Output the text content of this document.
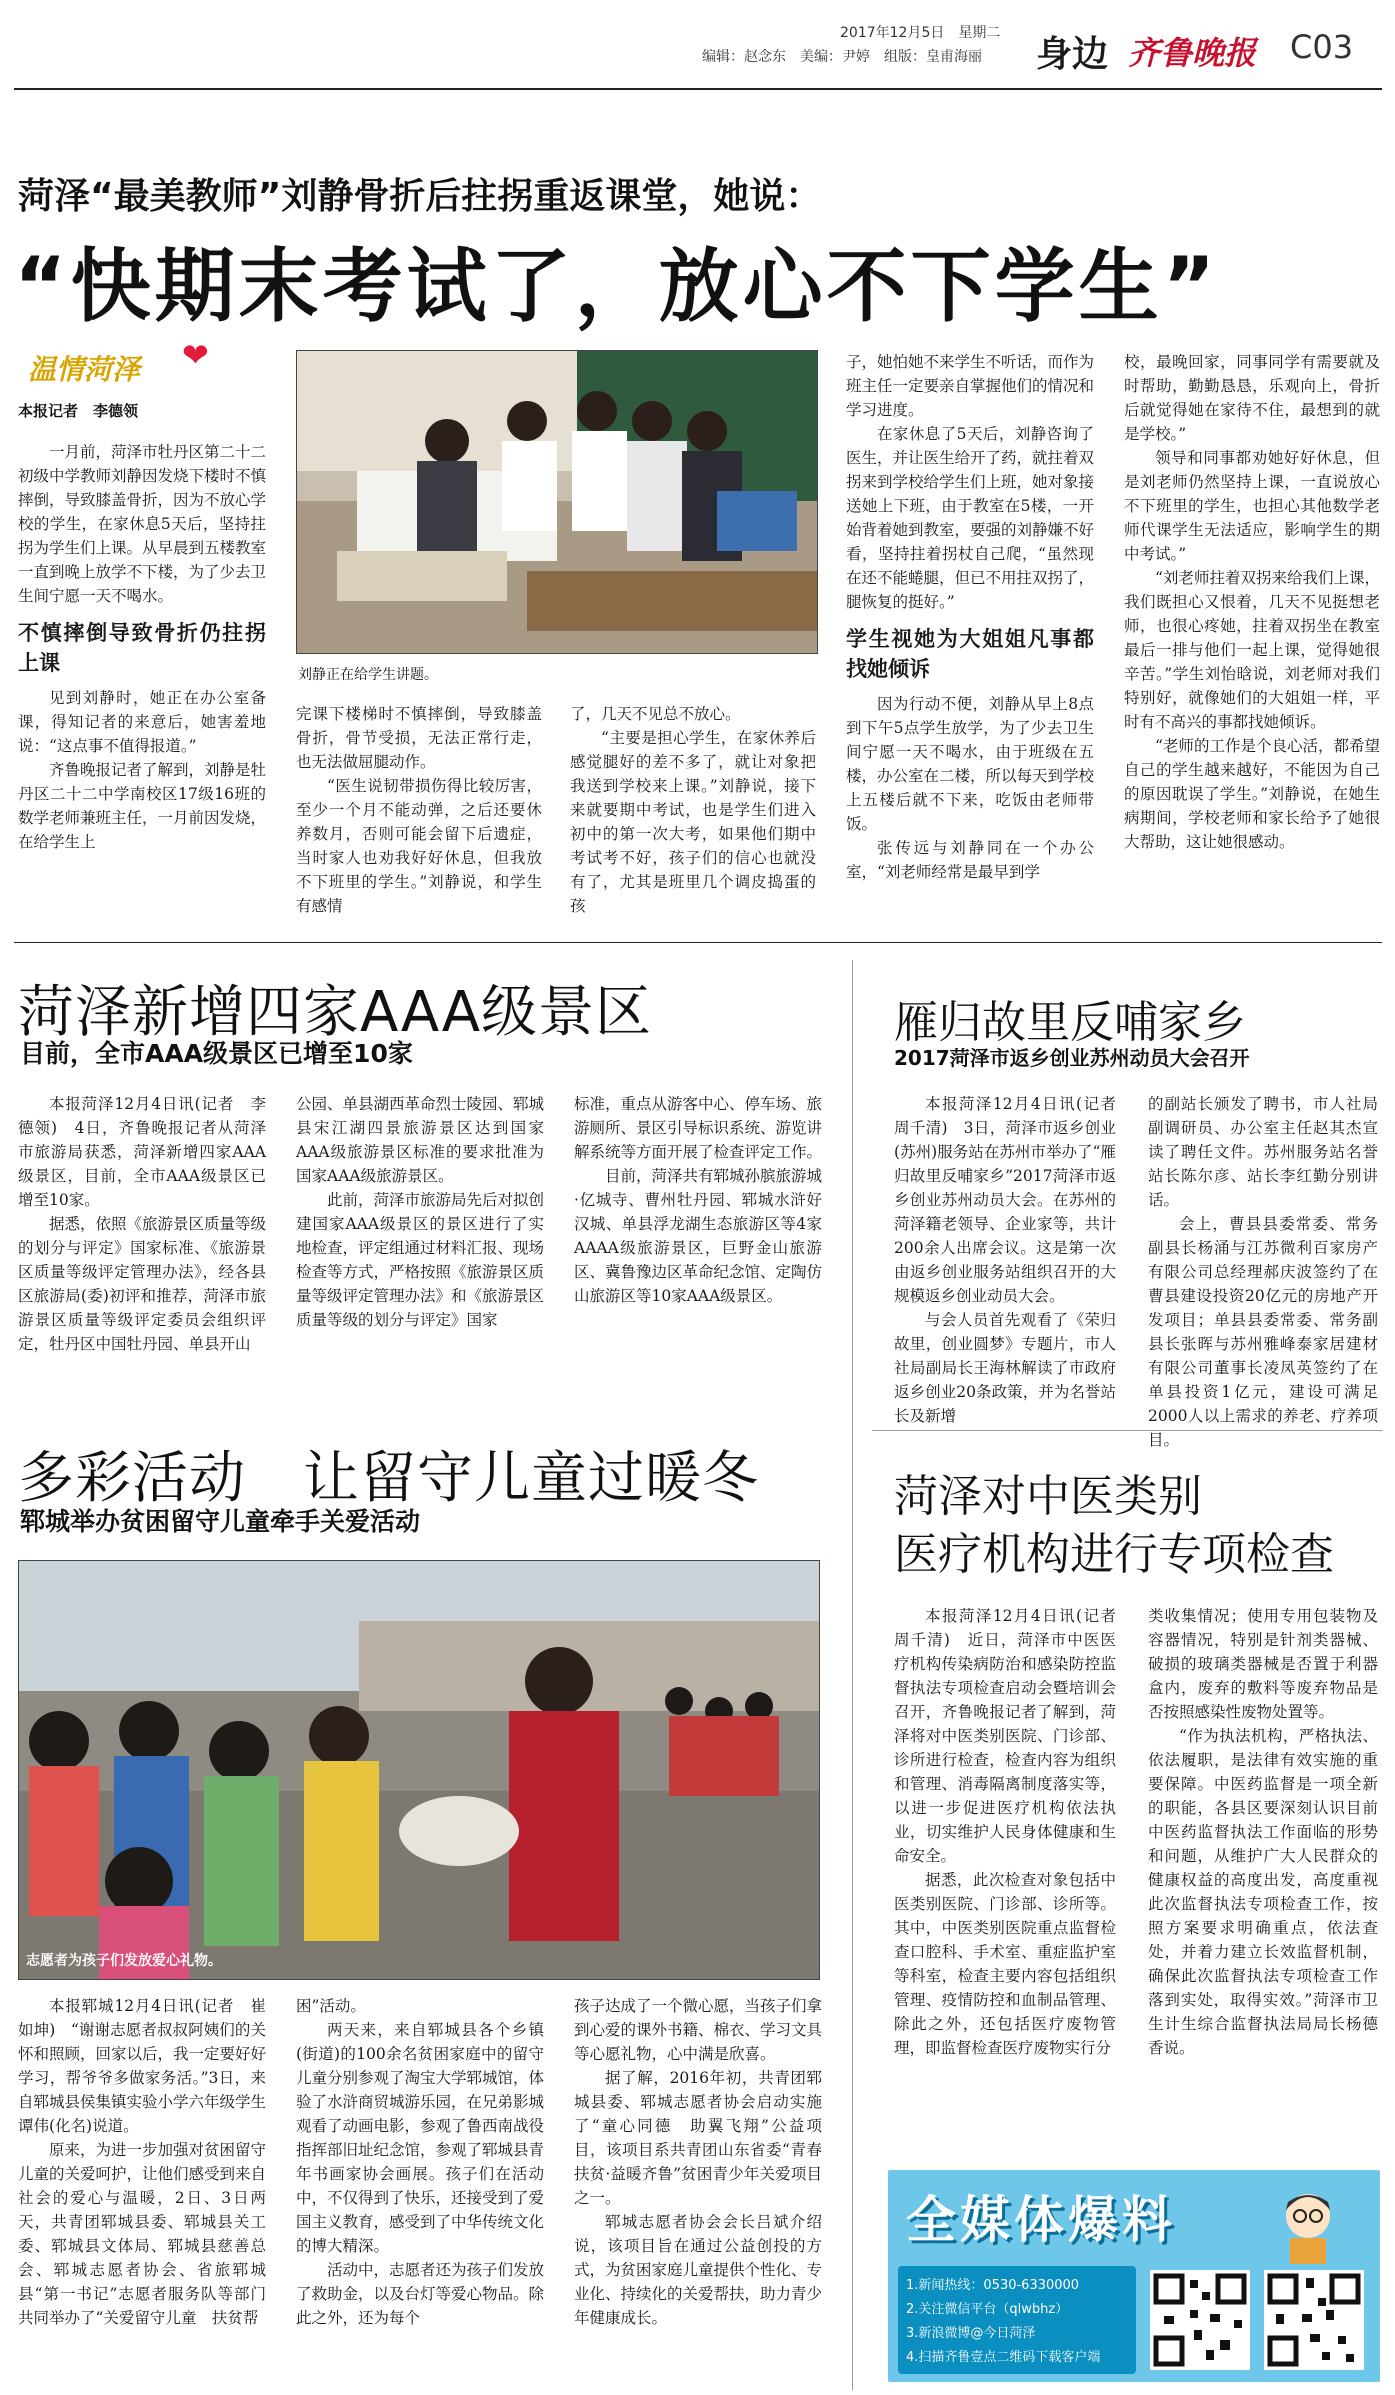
2017年12月5日　 星期二
编辑：赵念东　美编：尹婷　组版：皇甫海丽 身边 齐鲁晚报 C03
菏泽“最美教师”刘静骨折后拄拐重返课堂，她说：
“快期末考试了，放心不下学生”
温情菏泽 ❤
本报记者　李德领

一月前，菏泽市牡丹区第二十二初级中学教师刘静因发烧下楼时不慎摔倒，导致膝盖骨折，因为不放心学校的学生，在家休息5天后，坚持拄拐为学生们上课。从早晨到五楼教室一直到晚上放学不下楼，为了少去卫生间宁愿一天不喝水。

不慎摔倒导致骨折仍拄拐上课

见到刘静时，她正在办公室备课，得知记者的来意后，她害羞地说：“这点事不值得报道。”

齐鲁晚报记者了解到，刘静是牡丹区二十二中学南校区17级16班的数学老师兼班主任，一月前因发烧，在给学生上

刘静正在给学生讲题。

完课下楼梯时不慎摔倒，导致膝盖骨折，骨节受损，无法正常行走，也无法做屈腿动作。

“医生说韧带损伤得比较厉害，至少一个月不能动弹，之后还要休养数月，否则可能会留下后遗症，当时家人也劝我好好休息，但我放不下班里的学生。”刘静说，和学生有感情

了，几天不见总不放心。

“主要是担心学生，在家休养后感觉腿好的差不多了，就让对象把我送到学校来上课。”刘静说，接下来就要期中考试，也是学生们进入初中的第一次大考，如果他们期中考试考不好，孩子们的信心也就没有了，尤其是班里几个调皮捣蛋的孩

子，她怕她不来学生不听话，而作为班主任一定要亲自掌握他们的情况和学习进度。

在家休息了5天后，刘静咨询了医生，并让医生给开了药，就拄着双拐来到学校给学生们上班，她对象接送她上下班，由于教室在5楼，一开始背着她到教室，要强的刘静嫌不好看，坚持拄着拐杖自己爬，“虽然现在还不能蜷腿，但已不用拄双拐了，腿恢复的挺好。”

学生视她为大姐姐凡事都找她倾诉

因为行动不便，刘静从早上8点到下午5点学生放学，为了少去卫生间宁愿一天不喝水，由于班级在五楼，办公室在二楼，所以每天到学校上五楼后就不下来，吃饭由老师带饭。

张传远与刘静同在一个办公室，“刘老师经常是最早到学

校，最晚回家，同事同学有需要就及时帮助，勤勤恳恳，乐观向上，骨折后就觉得她在家待不住，最想到的就是学校。”

领导和同事都劝她好好休息，但是刘老师仍然坚持上课，一直说放心不下班里的学生，也担心其他数学老师代课学生无法适应，影响学生的期中考试。”

“刘老师拄着双拐来给我们上课，我们既担心又恨着，几天不见挺想老师，也很心疼她，拄着双拐坐在教室最后一排与他们一起上课，觉得她很辛苦。”学生刘怡晗说，刘老师对我们特别好，就像她们的大姐姐一样，平时有不高兴的事都找她倾诉。

“老师的工作是个良心活，都希望自己的学生越来越好，不能因为自己的原因耽误了学生。”刘静说，在她生病期间，学校老师和家长给予了她很大帮助，这让她很感动。

菏泽新增四家AAA级景区
目前，全市AAA级景区已增至10家

本报菏泽12月4日讯(记者　李德领)　4日，齐鲁晚报记者从菏泽市旅游局获悉，菏泽新增四家AAA级景区，目前，全市AAA级景区已增至10家。

据悉，依照《旅游景区质量等级的划分与评定》国家标准、《旅游景区质量等级评定管理办法》，经各县区旅游局(委)初评和推荐，菏泽市旅游景区质量等级评定委员会组织评定，牡丹区中国牡丹园、单县开山

公园、单县湖西革命烈士陵园、郓城县宋江湖四景旅游景区达到国家AAA级旅游景区标准的要求批准为国家AAA级旅游景区。

此前，菏泽市旅游局先后对拟创建国家AAA级景区的景区进行了实地检查，评定组通过材料汇报、现场检查等方式，严格按照《旅游景区质量等级评定管理办法》和《旅游景区质量等级的划分与评定》国家

标准，重点从游客中心、停车场、旅游厕所、景区引导标识系统、游览讲解系统等方面开展了检查评定工作。

目前，菏泽共有郓城孙膑旅游城·亿城寺、曹州牡丹园、郓城水浒好汉城、单县浮龙湖生态旅游区等4家AAAA级旅游景区，巨野金山旅游区、冀鲁豫边区革命纪念馆、定陶仿山旅游区等10家AAA级景区。

雁归故里反哺家乡
2017菏泽市返乡创业苏州动员大会召开

本报菏泽12月4日讯(记者　周千清)　3日，菏泽市返乡创业(苏州)服务站在苏州市举办了“雁归故里反哺家乡”2017菏泽市返乡创业苏州动员大会。在苏州的菏泽籍老领导、企业家等，共计200余人出席会议。这是第一次由返乡创业服务站组织召开的大规模返乡创业动员大会。

与会人员首先观看了《荣归故里，创业圆梦》专题片，市人社局副局长王海林解读了市政府返乡创业20条政策，并为名誉站长及新增

的副站长颁发了聘书，市人社局副调研员、办公室主任赵其杰宣读了聘任文件。苏州服务站名誉站长陈尔彦、站长李红勤分别讲话。

会上，曹县县委常委、常务副县长杨涌与江苏微利百家房产有限公司总经理郝庆波签约了在曹县建设投资20亿元的房地产开发项目；单县县委常委、常务副县长张晖与苏州雅峰泰家居建材有限公司董事长凌凤英签约了在单县投资1亿元，建设可满足2000人以上需求的养老、疗养项目。

多彩活动　让留守儿童过暖冬
郓城举办贫困留守儿童牵手关爱活动
志愿者为孩子们发放爱心礼物。

本报郓城12月4日讯(记者　崔如坤)　“谢谢志愿者叔叔阿姨们的关怀和照顾，回家以后，我一定要好好学习，帮爷爷多做家务活。”3日，来自郓城县侯集镇实验小学六年级学生谭伟(化名)说道。

原来，为进一步加强对贫困留守儿童的关爱呵护，让他们感受到来自社会的爱心与温暖，2日、3日两天，共青团郓城县委、郓城县关工委、郓城县文体局、郓城县慈善总会、郓城志愿者协会、省旅郓城县“第一书记”志愿者服务队等部门共同举办了“关爱留守儿童　扶贫帮

困”活动。

两天来，来自郓城县各个乡镇(街道)的100余名贫困家庭中的留守儿童分别参观了淘宝大学郓城馆，体验了水浒商贸城游乐园，在兄弟影城观看了动画电影，参观了鲁西南战役指挥部旧址纪念馆，参观了郓城县青年书画家协会画展。孩子们在活动中，不仅得到了快乐，还接受到了爱国主义教育，感受到了中华传统文化的博大精深。

活动中，志愿者还为孩子们发放了救助金，以及台灯等爱心物品。除此之外，还为每个

孩子达成了一个微心愿，当孩子们拿到心爱的课外书籍、棉衣、学习文具等心愿礼物，心中满是欣喜。

据了解，2016年初，共青团郓城县委、郓城志愿者协会启动实施了“童心同德　助翼飞翔”公益项目，该项目系共青团山东省委“青春扶贫·益暖齐鲁”贫困青少年关爱项目之一。

郓城志愿者协会会长吕斌介绍说，该项目旨在通过公益创投的方式，为贫困家庭儿童提供个性化、专业化、持续化的关爱帮扶，助力青少年健康成长。

菏泽对中医类别
医疗机构进行专项检查

本报菏泽12月4日讯(记者　周千清)　近日，菏泽市中医医疗机构传染病防治和感染防控监督执法专项检查启动会暨培训会召开，齐鲁晚报记者了解到，菏泽将对中医类别医院、门诊部、诊所进行检查，检查内容为组织和管理、消毒隔离制度落实等，以进一步促进医疗机构依法执业，切实维护人民身体健康和生命安全。

据悉，此次检查对象包括中医类别医院、门诊部、诊所等。其中，中医类别医院重点监督检查口腔科、手术室、重症监护室等科室，检查主要内容包括组织管理、疫情防控和血制品管理、除此之外，还包括医疗废物管理，即监督检查医疗废物实行分

类收集情况；使用专用包装物及容器情况，特别是针剂类器械、破损的玻璃类器械是否置于利器盒内，废弃的敷料等废弃物品是否按照感染性废物处置等。

“作为执法机构，严格执法、依法履职，是法律有效实施的重要保障。中医药监督是一项全新的职能，各县区要深刻认识目前中医药监督执法工作面临的形势和问题，从维护广大人民群众的健康权益的高度出发，高度重视此次监督执法专项检查工作，按照方案要求明确重点，依法查处，并着力建立长效监督机制，确保此次监督执法专项检查工作落到实处，取得实效。”菏泽市卫生计生综合监督执法局局长杨德香说。

全媒体爆料
1.新闻热线：0530-6330000
2.关注微信平台（qlwbhz）
3.新浪微博@今日菏泽
4.扫描齐鲁壹点二维码下载客户端
